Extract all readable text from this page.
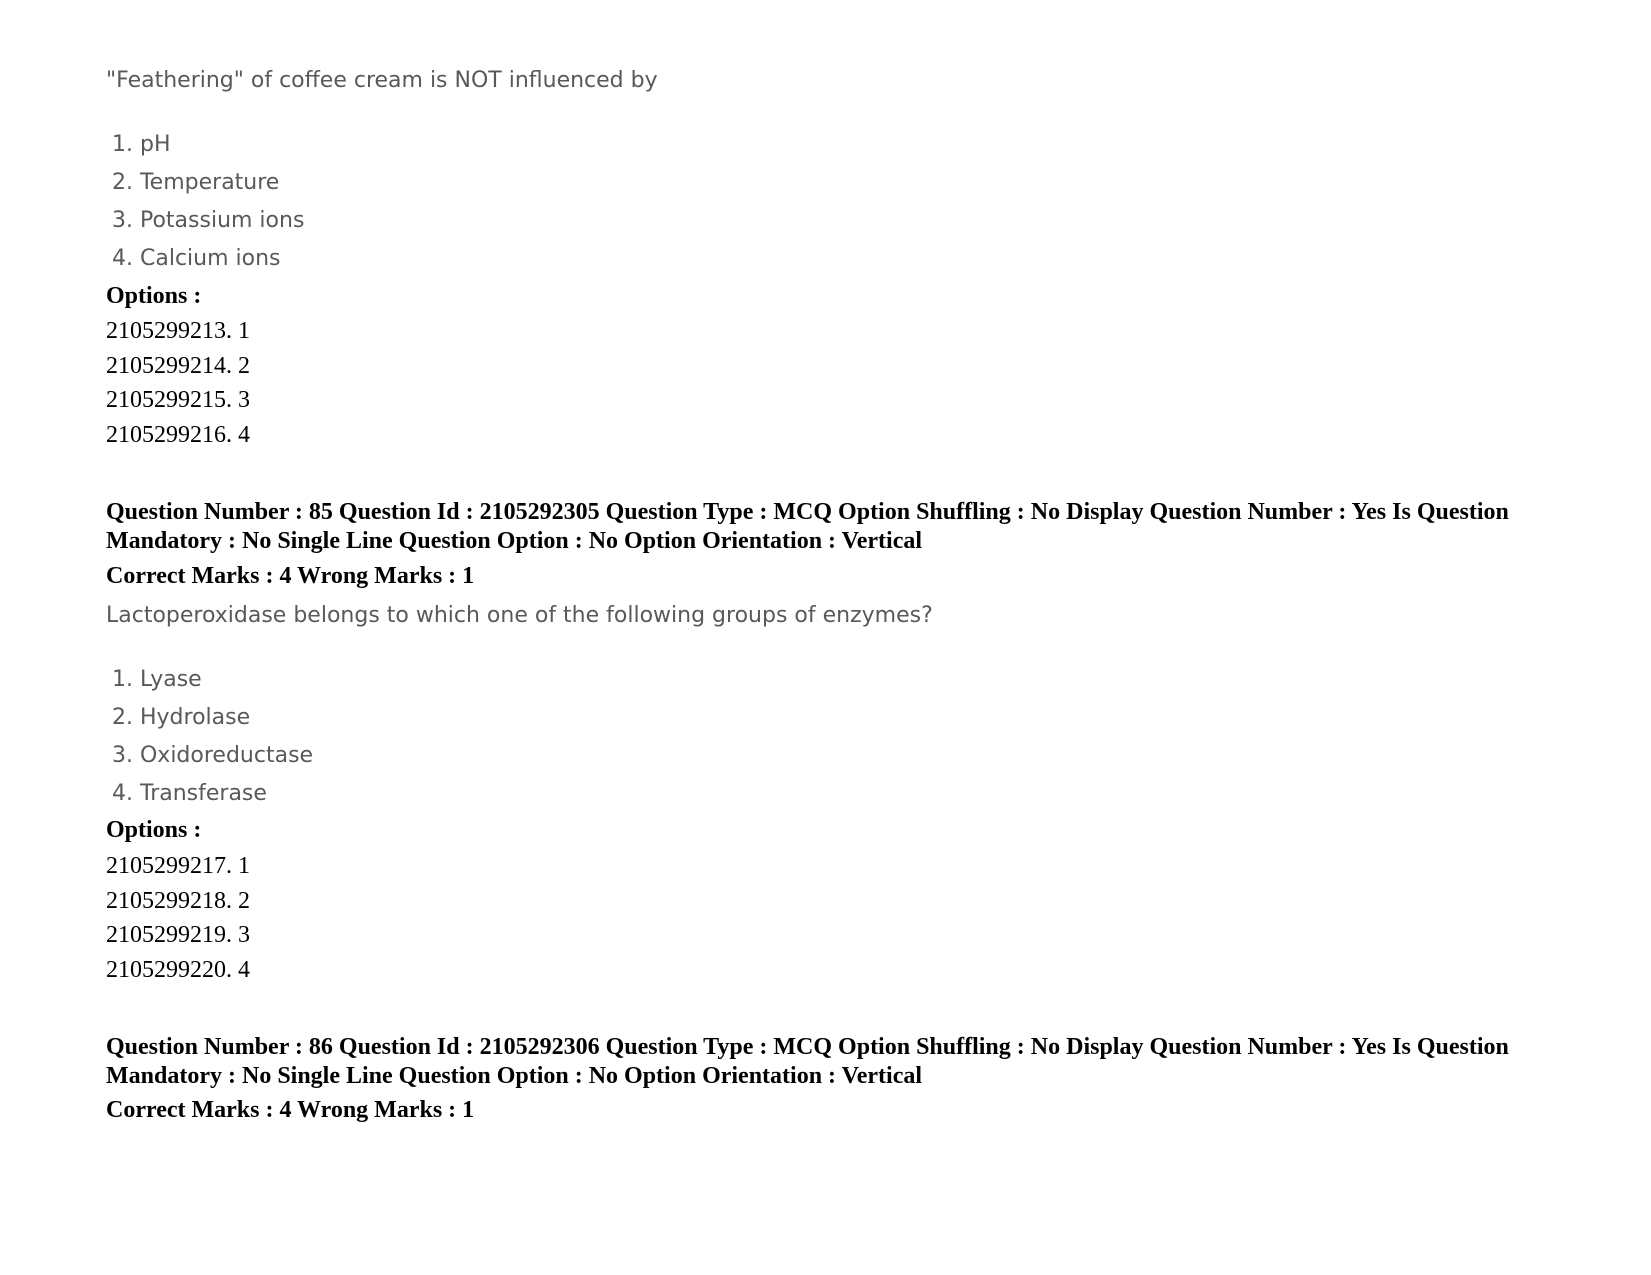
"Feathering" of coffee cream is NOT influenced by

1. pH
2. Temperature
3. Potassium ions
4. Calcium ions

Options :

2105299213. 1
2105299214. 2
2105299215. 3
2105299216. 4

Question Number : 85 Question Id : 2105292305 Question Type : MCQ Option Shuffling : No Display Question Number : Yes Is Question Mandatory : No Single Line Question Option : No Option Orientation : Vertical

Correct Marks : 4 Wrong Marks : 1

Lactoperoxidase belongs to which one of the following groups of enzymes?

1. Lyase
2. Hydrolase
3. Oxidoreductase
4. Transferase

Options :

2105299217. 1
2105299218. 2
2105299219. 3
2105299220. 4

Question Number : 86 Question Id : 2105292306 Question Type : MCQ Option Shuffling : No Display Question Number : Yes Is Question Mandatory : No Single Line Question Option : No Option Orientation : Vertical

Correct Marks : 4 Wrong Marks : 1
